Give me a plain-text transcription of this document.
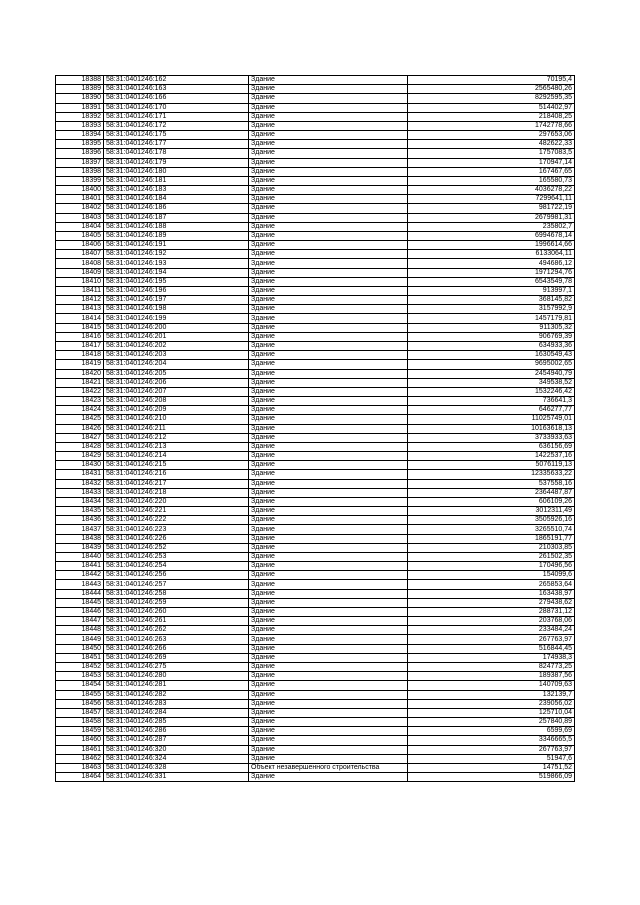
18388	58:31:0401246:162	Здание	70195,4
18389	58:31:0401246:163	Здание	2565480,26
18390	58:31:0401246:166	Здание	8292595,35
18391	58:31:0401246:170	Здание	514402,97
18392	58:31:0401246:171	Здание	218408,25
18393	58:31:0401246:172	Здание	1742778,66
18394	58:31:0401246:175	Здание	297653,06
18395	58:31:0401246:177	Здание	482622,33
18396	58:31:0401246:178	Здание	1757083,5
18397	58:31:0401246:179	Здание	170947,14
18398	58:31:0401246:180	Здание	167467,65
18399	58:31:0401246:181	Здание	165580,73
18400	58:31:0401246:183	Здание	4036278,22
18401	58:31:0401246:184	Здание	7299641,11
18402	58:31:0401246:186	Здание	981722,19
18403	58:31:0401246:187	Здание	2679981,31
18404	58:31:0401246:188	Здание	235802,7
18405	58:31:0401246:189	Здание	6994678,14
18406	58:31:0401246:191	Здание	1996614,66
18407	58:31:0401246:192	Здание	6133064,11
18408	58:31:0401246:193	Здание	494686,12
18409	58:31:0401246:194	Здание	1971294,76
18410	58:31:0401246:195	Здание	6543549,78
18411	58:31:0401246:196	Здание	913997,1
18412	58:31:0401246:197	Здание	368145,82
18413	58:31:0401246:198	Здание	3157992,9
18414	58:31:0401246:199	Здание	1457179,81
18415	58:31:0401246:200	Здание	911305,32
18416	58:31:0401246:201	Здание	906769,39
18417	58:31:0401246:202	Здание	634933,36
18418	58:31:0401246:203	Здание	1630549,43
18419	58:31:0401246:204	Здание	9695002,65
18420	58:31:0401246:205	Здание	2454940,79
18421	58:31:0401246:206	Здание	349538,52
18422	58:31:0401246:207	Здание	1532246,42
18423	58:31:0401246:208	Здание	736641,3
18424	58:31:0401246:209	Здание	646277,77
18425	58:31:0401246:210	Здание	11025749,01
18426	58:31:0401246:211	Здание	10163618,13
18427	58:31:0401246:212	Здание	3733933,63
18428	58:31:0401246:213	Здание	636156,69
18429	58:31:0401246:214	Здание	1422537,16
18430	58:31:0401246:215	Здание	5076119,13
18431	58:31:0401246:216	Здание	12335633,22
18432	58:31:0401246:217	Здание	537558,16
18433	58:31:0401246:218	Здание	2364487,87
18434	58:31:0401246:220	Здание	606109,26
18435	58:31:0401246:221	Здание	3012311,49
18436	58:31:0401246:222	Здание	3505926,16
18437	58:31:0401246:223	Здание	3265510,74
18438	58:31:0401246:226	Здание	1865191,77
18439	58:31:0401246:252	Здание	210303,85
18440	58:31:0401246:253	Здание	261502,35
18441	58:31:0401246:254	Здание	170496,56
18442	58:31:0401246:256	Здание	154099,6
18443	58:31:0401246:257	Здание	265853,64
18444	58:31:0401246:258	Здание	163438,97
18445	58:31:0401246:259	Здание	279438,62
18446	58:31:0401246:260	Здание	288731,12
18447	58:31:0401246:261	Здание	203768,06
18448	58:31:0401246:262	Здание	233484,24
18449	58:31:0401246:263	Здание	267763,97
18450	58:31:0401246:266	Здание	516844,45
18451	58:31:0401246:269	Здание	174938,3
18452	58:31:0401246:275	Здание	824773,25
18453	58:31:0401246:280	Здание	189387,56
18454	58:31:0401246:281	Здание	140709,63
18455	58:31:0401246:282	Здание	132139,7
18456	58:31:0401246:283	Здание	239056,02
18457	58:31:0401246:284	Здание	125710,04
18458	58:31:0401246:285	Здание	257840,89
18459	58:31:0401246:286	Здание	6599,69
18460	58:31:0401246:287	Здание	3346665,5
18461	58:31:0401246:320	Здание	267763,97
18462	58:31:0401246:324	Здание	51947,6
18463	58:31:0401246:328	Объект незавершенного строительства	14751,52
18464	58:31:0401246:331	Здание	519866,09
